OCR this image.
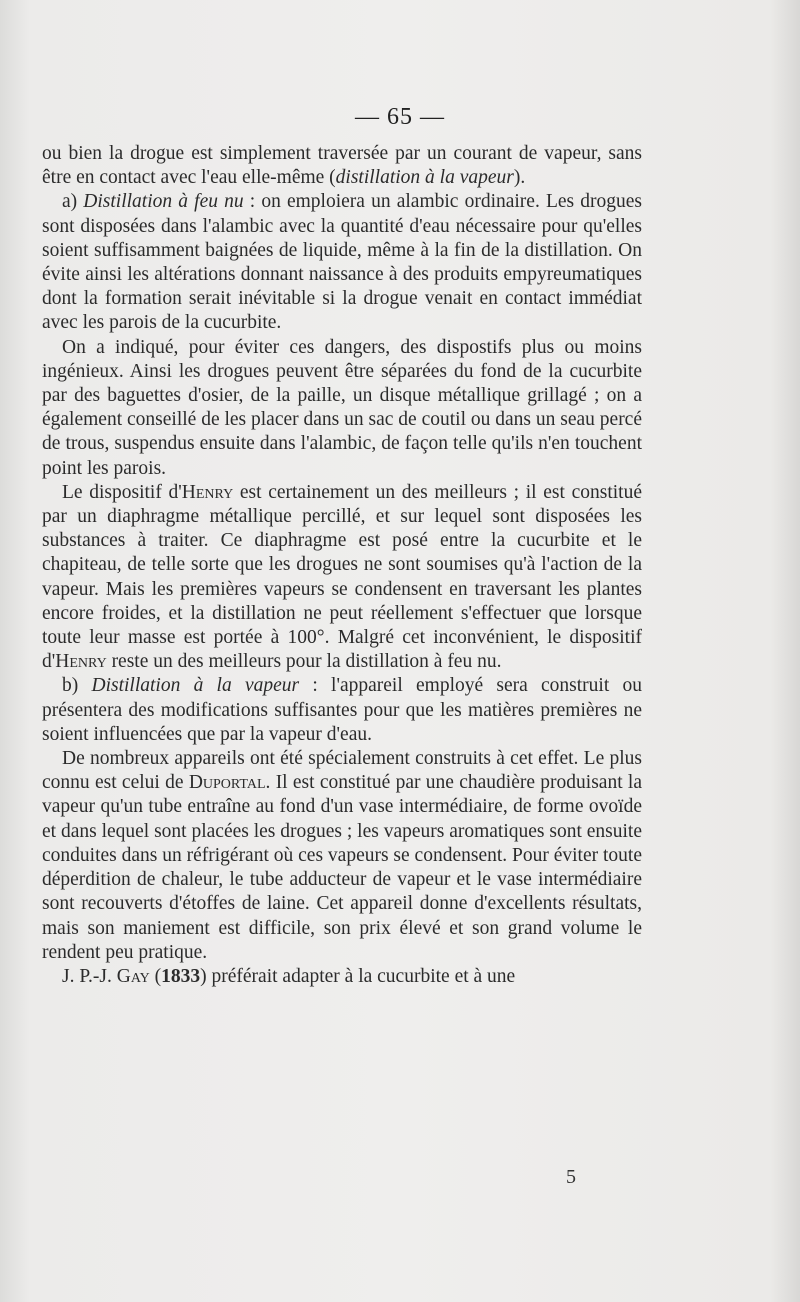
— 65 —

ou bien la drogue est simplement traversée par un courant de vapeur, sans être en contact avec l'eau elle-même (distillation à la vapeur).

a) Distillation à feu nu : on emploiera un alambic ordinaire. Les drogues sont disposées dans l'alambic avec la quantité d'eau nécessaire pour qu'elles soient suffisamment baignées de liquide, même à la fin de la distillation. On évite ainsi les altérations donnant naissance à des produits empyreumatiques dont la formation serait inévitable si la drogue venait en contact immédiat avec les parois de la cucurbite.

On a indiqué, pour éviter ces dangers, des dispostifs plus ou moins ingénieux. Ainsi les drogues peuvent être séparées du fond de la cucurbite par des baguettes d'osier, de la paille, un disque métallique grillagé ; on a également conseillé de les placer dans un sac de coutil ou dans un seau percé de trous, suspendus ensuite dans l'alambic, de façon telle qu'ils n'en touchent point les parois.

Le dispositif d'Henry est certainement un des meilleurs ; il est constitué par un diaphragme métallique percillé, et sur lequel sont disposées les substances à traiter. Ce diaphragme est posé entre la cucurbite et le chapiteau, de telle sorte que les drogues ne sont soumises qu'à l'action de la vapeur. Mais les premières vapeurs se condensent en traversant les plantes encore froides, et la distillation ne peut réellement s'effectuer que lorsque toute leur masse est portée à 100°. Malgré cet inconvénient, le dispositif d'Henry reste un des meilleurs pour la distillation à feu nu.

b) Distillation à la vapeur : l'appareil employé sera construit ou présentera des modifications suffisantes pour que les matières premières ne soient influencées que par la vapeur d'eau.

De nombreux appareils ont été spécialement construits à cet effet. Le plus connu est celui de Duportal. Il est constitué par une chaudière produisant la vapeur qu'un tube entraîne au fond d'un vase intermédiaire, de forme ovoïde et dans lequel sont placées les drogues ; les vapeurs aromatiques sont ensuite conduites dans un réfrigérant où ces vapeurs se condensent. Pour éviter toute déperdition de chaleur, le tube adducteur de vapeur et le vase intermédiaire sont recouverts d'étoffes de laine. Cet appareil donne d'excellents résultats, mais son maniement est difficile, son prix élevé et son grand volume le rendent peu pratique.

J. P.-J. Gay (1833) préférait adapter à la cucurbite et à une

5
